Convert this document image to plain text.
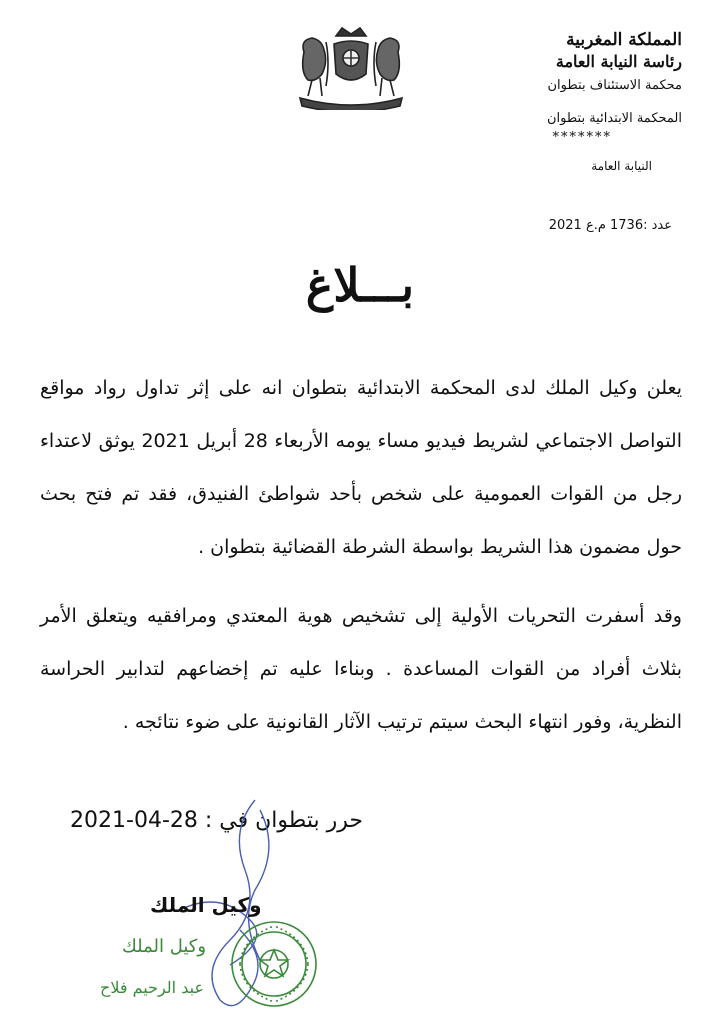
المملكة المغربية

رئاسة النيابة العامة

محكمة الاستئناف بتطوان

المحكمة الابتدائية بتطوان

*******

النيابة العامة

عدد :1736 م.ع 2021
بـــلاغ

يعلن وكيل الملك لدى المحكمة الابتدائية بتطوان انه على إثر تداول رواد مواقع التواصل الاجتماعي لشريط فيديو مساء يومه الأربعاء 28 أبريل 2021 يوثق لاعتداء رجل من القوات العمومية على شخص بأحد شواطئ الفنيدق، فقد تم فتح بحث حول مضمون هذا الشريط بواسطة الشرطة القضائية بتطوان .

وقد أسفرت التحريات الأولية إلى تشخيص هوية المعتدي ومرافقيه ويتعلق الأمر بثلاث أفراد من القوات المساعدة . وبناءا عليه تم إخضاعهم لتدابير الحراسة النظرية، وفور انتهاء البحث سيتم ترتيب الآثار القانونية على ضوء نتائجه .

حرر بتطوان في : 28-04-2021
وكيل الملك
وكيل الملك
عبد الرحيم فلاح
